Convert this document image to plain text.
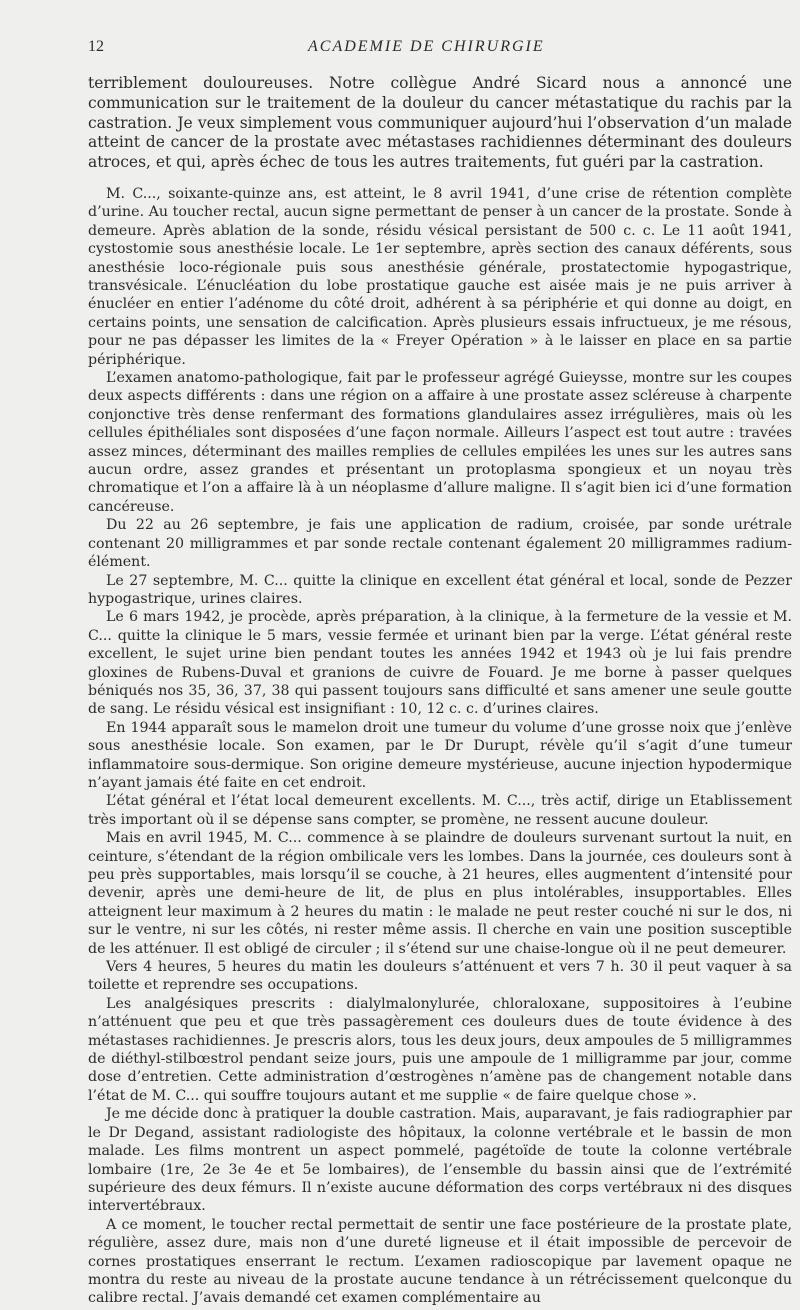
12	ACADEMIE DE CHIRURGIE

terriblement douloureuses. Notre collègue André Sicard nous a annoncé une communication sur le traitement de la douleur du cancer métastatique du rachis par la castration. Je veux simplement vous communiquer aujourd’hui l’observation d’un malade atteint de cancer de la prostate avec métastases rachidiennes déterminant des douleurs atroces, et qui, après échec de tous les autres traitements, fut guéri par la castration.

M. C..., soixante-quinze ans, est atteint, le 8 avril 1941, d’une crise de rétention complète d’urine. Au toucher rectal, aucun signe permettant de penser à un cancer de la prostate. Sonde à demeure. Après ablation de la sonde, résidu vésical persistant de 500 c. c. Le 11 août 1941, cystostomie sous anesthésie locale. Le 1er septembre, après section des canaux déférents, sous anesthésie loco-régionale puis sous anesthésie générale, prostatectomie hypogastrique, transvésicale. L’énucléation du lobe prostatique gauche est aisée mais je ne puis arriver à énucléer en entier l’adénome du côté droit, adhérent à sa périphérie et qui donne au doigt, en certains points, une sensation de calcification. Après plusieurs essais infructueux, je me résous, pour ne pas dépasser les limites de la « Freyer Opération » à le laisser en place en sa partie périphérique.

L’examen anatomo-pathologique, fait par le professeur agrégé Guieysse, montre sur les coupes deux aspects différents : dans une région on a affaire à une prostate assez scléreuse à charpente conjonctive très dense renfermant des formations glandulaires assez irrégulières, mais où les cellules épithéliales sont disposées d’une façon normale. Ailleurs l’aspect est tout autre : travées assez minces, déterminant des mailles remplies de cellules empilées les unes sur les autres sans aucun ordre, assez grandes et présentant un protoplasma spongieux et un noyau très chromatique et l’on a affaire là à un néoplasme d’allure maligne. Il s’agit bien ici d’une formation cancéreuse.

Du 22 au 26 septembre, je fais une application de radium, croisée, par sonde urétrale contenant 20 milligrammes et par sonde rectale contenant également 20 milligrammes radium-élément.

Le 27 septembre, M. C... quitte la clinique en excellent état général et local, sonde de Pezzer hypogastrique, urines claires.

Le 6 mars 1942, je procède, après préparation, à la clinique, à la fermeture de la vessie et M. C... quitte la clinique le 5 mars, vessie fermée et urinant bien par la verge. L’état général reste excellent, le sujet urine bien pendant toutes les années 1942 et 1943 où je lui fais prendre gloxines de Rubens-Duval et granions de cuivre de Fouard. Je me borne à passer quelques béniqués nos 35, 36, 37, 38 qui passent toujours sans difficulté et sans amener une seule goutte de sang. Le résidu vésical est insignifiant : 10, 12 c. c. d’urines claires.

En 1944 apparaît sous le mamelon droit une tumeur du volume d’une grosse noix que j’enlève sous anesthésie locale. Son examen, par le Dr Durupt, révèle qu’il s’agit d’une tumeur inflammatoire sous-dermique. Son origine demeure mystérieuse, aucune injection hypodermique n’ayant jamais été faite en cet endroit.

L’état général et l’état local demeurent excellents. M. C..., très actif, dirige un Etablissement très important où il se dépense sans compter, se promène, ne ressent aucune douleur.

Mais en avril 1945, M. C... commence à se plaindre de douleurs survenant surtout la nuit, en ceinture, s’étendant de la région ombilicale vers les lombes. Dans la journée, ces douleurs sont à peu près supportables, mais lorsqu’il se couche, à 21 heures, elles augmentent d’intensité pour devenir, après une demi-heure de lit, de plus en plus intolérables, insupportables. Elles atteignent leur maximum à 2 heures du matin : le malade ne peut rester couché ni sur le dos, ni sur le ventre, ni sur les côtés, ni rester même assis. Il cherche en vain une position susceptible de les atténuer. Il est obligé de circuler ; il s’étend sur une chaise-longue où il ne peut demeurer.

Vers 4 heures, 5 heures du matin les douleurs s’atténuent et vers 7 h. 30 il peut vaquer à sa toilette et reprendre ses occupations.

Les analgésiques prescrits : dialylmalonylurée, chloraloxane, suppositoires à l’eubine n’atténuent que peu et que très passagèrement ces douleurs dues de toute évidence à des métastases rachidiennes. Je prescris alors, tous les deux jours, deux ampoules de 5 milligrammes de diéthyl-stilbœstrol pendant seize jours, puis une ampoule de 1 milligramme par jour, comme dose d’entretien. Cette administration d’œstrogènes n’amène pas de changement notable dans l’état de M. C... qui souffre toujours autant et me supplie « de faire quelque chose ».

Je me décide donc à pratiquer la double castration. Mais, auparavant, je fais radiographier par le Dr Degand, assistant radiologiste des hôpitaux, la colonne vertébrale et le bassin de mon malade. Les films montrent un aspect pommelé, pagétoïde de toute la colonne vertébrale lombaire (1re, 2e 3e 4e et 5e lombaires), de l’ensemble du bassin ainsi que de l’extrémité supérieure des deux fémurs. Il n’existe aucune déformation des corps vertébraux ni des disques intervertébraux.

A ce moment, le toucher rectal permettait de sentir une face postérieure de la prostate plate, régulière, assez dure, mais non d’une dureté ligneuse et il était impossible de percevoir de cornes prostatiques enserrant le rectum. L’examen radioscopique par lavement opaque ne montra du reste au niveau de la prostate aucune tendance à un rétrécissement quelconque du calibre rectal. J’avais demandé cet examen complémentaire au
